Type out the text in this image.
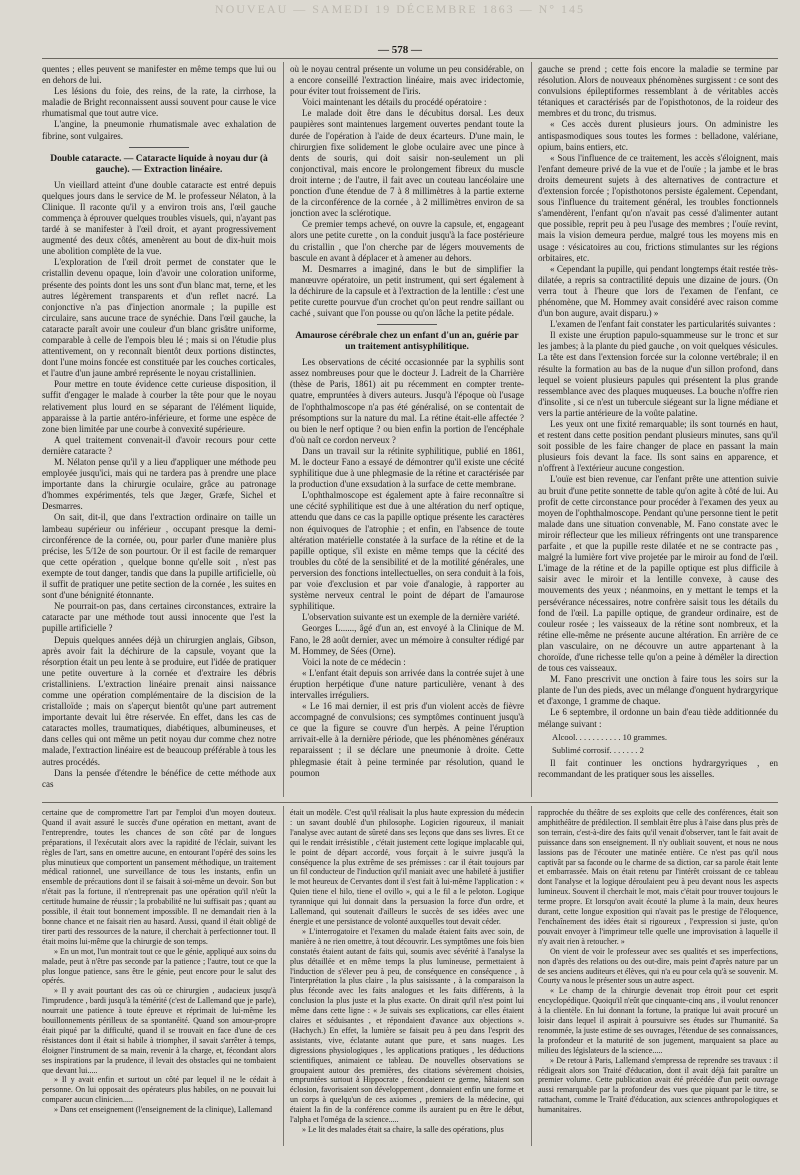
NOUVEAU — SAMEDI 19 DÉCEMBRE 1863 — N° 145
— 578 —

quentes ; elles peuvent se manifester en même temps que lui ou en dehors de lui.

Les lésions du foie, des reins, de la rate, la cirrhose, la maladie de Bright reconnaissent aussi souvent pour cause le vice rhumatismal que tout autre vice.

L'angine, la pneumonie rhumatismale avec exhalation de fibrine, sont vulgaires.

Double cataracte. — Cataracte liquide à noyau dur (à gauche). — Extraction linéaire.

Un vieillard atteint d'une double cataracte est entré depuis quelques jours dans le service de M. le professeur Nélaton, à la Clinique. Il raconte qu'il y a environ trois ans, l'œil gauche commença à éprouver quelques troubles visuels, qui, n'ayant pas tardé à se manifester à l'œil droit, et ayant progressivement augmenté des deux côtés, amenèrent au bout de dix-huit mois une abolition complète de la vue.

L'exploration de l'œil droit permet de constater que le cristallin devenu opaque, loin d'avoir une coloration uniforme, présente des points dont les uns sont d'un blanc mat, terne, et les autres légèrement transparents et d'un reflet nacré. La conjonctive n'a pas d'injection anormale ; la pupille est circulaire, sans aucune trace de synéchie. Dans l'œil gauche, la cataracte paraît avoir une couleur d'un blanc grisâtre uniforme, comparable à celle de l'empois bleu lé ; mais si on l'étudie plus attentivement, on y reconnaît bientôt deux portions distinctes, dont l'une moins foncée est constituée par les couches corticales, et l'autre d'un jaune ambré représente le noyau cristallinien.

Pour mettre en toute évidence cette curieuse disposition, il suffit d'engager le malade à courber la tête pour que le noyau relativement plus lourd en se séparant de l'élément liquide, apparaisse à la partie antéro-inférieure, et forme une espèce de zone bien limitée par une courbe à convexité supérieure.

A quel traitement convenait-il d'avoir recours pour cette dernière cataracte ?

M. Nélaton pense qu'il y a lieu d'appliquer une méthode peu employée jusqu'ici, mais qui ne tardera pas à prendre une place importante dans la chirurgie oculaire, grâce au patronage d'hommes expérimentés, tels que Jæger, Græfe, Sichel et Desmarres.

On sait, dit-il, que dans l'extraction ordinaire on taille un lambeau supérieur ou inférieur , occupant presque la demi-circonférence de la cornée, ou, pour parler d'une manière plus précise, les 5/12e de son pourtour. Or il est facile de remarquer que cette opération , quelque bonne qu'elle soit , n'est pas exempte de tout danger, tandis que dans la pupille artificielle, où il suffit de pratiquer une petite section de la cornée , les suites en sont d'une bénignité étonnante.

Ne pourrait-on pas, dans certaines circonstances, extraire la cataracte par une méthode tout aussi innocente que l'est la pupille artificielle ?

Depuis quelques années déjà un chirurgien anglais, Gibson, après avoir fait la déchirure de la capsule, voyant que la résorption était un peu lente à se produire, eut l'idée de pratiquer une petite ouverture à la cornée et d'extraire les débris cristalliniens. L'extraction linéaire prenait ainsi naissance comme une opération complémentaire de la discision de la cristalloïde ; mais on s'aperçut bientôt qu'une part autrement importante devait lui être réservée. En effet, dans les cas de cataractes molles, traumatiques, diabétiques, albumineuses, et dans celles qui ont même un petit noyau dur comme chez notre malade, l'extraction linéaire est de beaucoup préférable à tous les autres procédés.

Dans la pensée d'étendre le bénéfice de cette méthode aux cas

où le noyau central présente un volume un peu considérable, on a encore conseillé l'extraction linéaire, mais avec iridectomie, pour éviter tout froissement de l'iris.

Voici maintenant les détails du procédé opératoire :

Le malade doit être dans le décubitus dorsal. Les deux paupières sont maintenues largement ouvertes pendant toute la durée de l'opération à l'aide de deux écarteurs. D'une main, le chirurgien fixe solidement le globe oculaire avec une pince à dents de souris, qui doit saisir non-seulement un pli conjonctival, mais encore le prolongement fibreux du muscle droit interne ; de l'autre, il fait avec un couteau lancéolaire une ponction d'une étendue de 7 à 8 millimètres à la partie externe de la circonférence de la cornée , à 2 millimètres environ de sa jonction avec la sclérotique.

Ce premier temps achevé, on ouvre la capsule, et, engageant alors une petite curette , on la conduit jusqu'à la face postérieure du cristallin , que l'on cherche par de légers mouvements de bascule en avant à déplacer et à amener au dehors.

M. Desmarres a imaginé, dans le but de simplifier la manœuvre opératoire, un petit instrument, qui sert également à la déchirure de la capsule et à l'extraction de la lentille : c'est une petite curette pourvue d'un crochet qu'on peut rendre saillant ou caché , suivant que l'on pousse ou qu'on lâche la petite pédale.

Amaurose cérébrale chez un enfant d'un an, guérie par un traitement antisyphilitique.

Les observations de cécité occasionnée par la syphilis sont assez nombreuses pour que le docteur J. Ladreit de la Charrière (thèse de Paris, 1861) ait pu récemment en compter trente-quatre, empruntées à divers auteurs. Jusqu'à l'époque où l'usage de l'ophthalmoscope n'a pas été généralisé, on se contentait de présomptions sur la nature du mal. La rétine était-elle affectée ? ou bien le nerf optique ? ou bien enfin la portion de l'encéphale d'où naît ce cordon nerveux ?

Dans un travail sur la rétinite syphilitique, publié en 1861, M. le docteur Fano a essayé de démontrer qu'il existe une cécité syphilitique due à une phlegmasie de la rétine et caractérisée par la production d'une exsudation à la surface de cette membrane.

L'ophthalmoscope est également apte à faire reconnaître si une cécité syphilitique est due à une altération du nerf optique, attendu que dans ce cas la papille optique présente les caractères non équivoques de l'atrophie ; et enfin, en l'absence de toute altération matérielle constatée à la surface de la rétine et de la papille optique, s'il existe en même temps que la cécité des troubles du côté de la sensibilité et de la motilité générales, une perversion des fonctions intellectuelles, on sera conduit à la fois, par voie d'exclusion et par voie d'analogie, à rapporter au système nerveux central le point de départ de l'amaurose syphilitique.

L'observation suivante est un exemple de la dernière variété.

Georges L......, âgé d'un an, est envoyé à la Clinique de M. Fano, le 28 août dernier, avec un mémoire à consulter rédigé par M. Hommey, de Sées (Orne).

Voici la note de ce médecin :

« L'enfant était depuis son arrivée dans la contrée sujet à une éruption herpétique d'une nature particulière, venant à des intervalles irréguliers.

« Le 16 mai dernier, il est pris d'un violent accès de fièvre accompagné de convulsions; ces symptômes continuent jusqu'à ce que la figure se couvre d'un herpès. A peine l'éruption arrivait-elle à la dernière période, que les phénomènes généraux reparaissent ; il se déclare une pneumonie à droite. Cette phlegmasie était à peine terminée par résolution, quand le poumon

gauche se prend ; cette fois encore la maladie se termine par résolution. Alors de nouveaux phénomènes surgissent : ce sont des convulsions épileptiformes ressemblant à de véritables accès tétaniques et caractérisés par de l'opisthotonos, de la roideur des membres et du tronc, du trismus.

« Ces accès durent plusieurs jours. On administre les antispasmodiques sous toutes les formes : belladone, valériane, opium, bains entiers, etc.

« Sous l'influence de ce traitement, les accès s'éloignent, mais l'enfant demeure privé de la vue et de l'ouïe ; la jambe et le bras droits demeurent sujets à des alternatives de contracture et d'extension forcée ; l'opisthotonos persiste également. Cependant, sous l'influence du traitement général, les troubles fonctionnels s'amendèrent, l'enfant qu'on n'avait pas cessé d'alimenter autant que possible, reprit peu à peu l'usage des membres ; l'ouïe revint, mais la vision demeura perdue, malgré tous les moyens mis en usage : vésicatoires au cou, frictions stimulantes sur les régions orbitaires, etc.

« Cependant la pupille, qui pendant longtemps était restée très-dilatée, a repris sa contractilité depuis une dizaine de jours. (On verra tout à l'heure que lors de l'examen de l'enfant, ce phénomène, que M. Hommey avait considéré avec raison comme d'un bon augure, avait disparu.) »

L'examen de l'enfant fait constater les particularités suivantes :

Il existe une éruption papulo-squammeuse sur le tronc et sur les jambes; à la plante du pied gauche , on voit quelques vésicules. La tête est dans l'extension forcée sur la colonne vertébrale; il en résulte la formation au bas de la nuque d'un sillon profond, dans lequel se voient plusieurs papules qui présentent la plus grande ressemblance avec des plaques muqueuses. La bouche n'offre rien d'insolite , si ce n'est un tubercule siégeant sur la ligne médiane et vers la partie antérieure de la voûte palatine.

Les yeux ont une fixité remarquable; ils sont tournés en haut, et restent dans cette position pendant plusieurs minutes, sans qu'il soit possible de les faire changer de place en passant la main plusieurs fois devant la face. Ils sont sains en apparence, et n'offrent à l'extérieur aucune congestion.

L'ouïe est bien revenue, car l'enfant prête une attention suivie au bruit d'une petite sonnette de table qu'on agite à côté de lui. Au profit de cette circonstance pour procéder à l'examen des yeux au moyen de l'ophthalmoscope. Pendant qu'une personne tient le petit malade dans une situation convenable, M. Fano constate avec le miroir réflecteur que les milieux réfringents ont une transparence parfaite , et que la pupille reste dilatée et ne se contracte pas , malgré la lumière fort vive projetée par le miroir au fond de l'œil. L'image de la rétine et de la papille optique est plus difficile à saisir avec le miroir et la lentille convexe, à cause des mouvements des yeux ; néanmoins, en y mettant le temps et la persévérance nécessaires, notre confrère saisit tous les détails du fond de l'œil. La papille optique, de grandeur ordinaire, est de couleur rosée ; les vaisseaux de la rétine sont nombreux, et la rétine elle-même ne présente aucune altération. En arrière de ce plan vasculaire, on ne découvre un autre appartenant à la choroïde, d'une richesse telle qu'on a peine à démêler la direction de tous ces vaisseaux.

M. Fano prescrivit une onction à faire tous les soirs sur la plante de l'un des pieds, avec un mélange d'onguent hydrargyrique et d'axonge, 1 gramme de chaque.

Le 6 septembre, il ordonne un bain d'eau tiède additionnée du mélange suivant :

Alcool. . . . . . . . . . . 10 grammes.
Sublimé corrosif. . . . . . . 2

Il fait continuer les onctions hydrargyriques , en recommandant de les pratiquer sous les aisselles.

certaine que de compromettre l'art par l'emploi d'un moyen douteux. Quand il avait assuré le succès d'une opération en mettant, avant de l'entreprendre, toutes les chances de son côté par de longues préparations, il l'exécutait alors avec la rapidité de l'éclair, suivant les règles de l'art, sans en omettre aucune, en entourant l'opéré des soins les plus minutieux que comportent un pansement méthodique, un traitement médical rationnel, une surveillance de tous les instants, enfin un ensemble de précautions dont il se faisait à soi-même un devoir. Son but n'était pas la fortune, il n'entreprenait pas une opération qu'il n'eût la certitude humaine de réussir ; la probabilité ne lui suffisait pas ; quant au possible, il était tout bonnement impossible. Il ne demandait rien à la bonne chance et ne faisait rien au hasard. Aussi, quand il était obligé de tirer parti des ressources de la nature, il cherchait à perfectionner tout. Il était moins lui-même que la chirurgie de son temps.

» En un mot, l'un montrait tout ce que le génie, appliqué aux soins du malade, peut à n'être pas seconde par la patience ; l'autre, tout ce que la plus longue patience, sans être le génie, peut encore pour le salut des opérés.

» Il y avait pourtant des cas où ce chirurgien , audacieux jusqu'à l'imprudence , bardi jusqu'à la témérité (c'est de Lallemand que je parle), nourrait une patience à toute épreuve et réprimait de lui-même les bouillonnements périlleux de sa spontanéité. Quand son amour-propre était piqué par la difficulté, quand il se trouvait en face d'une de ces résistances dont il était si habile à triompher, il savait s'arrêter à temps, éloigner l'instrument de sa main, revenir à la charge, et, fécondant alors ses inspirations par la prudence, il levait des obstacles qui ne tombaient que devant lui.....

» Il y avait enfin et surtout un côté par lequel il ne le cédait à personne. On lui opposait des opérateurs plus habiles, on ne pouvait lui comparer aucun clinicien.....

» Dans cet enseignement (l'enseignement de la clinique), Lallemand

était un modèle. C'est qu'il réalisait la plus haute expression du médecin : un savant doublé d'un philosophe. Logicien rigoureux, il maniait l'analyse avec autant de sûreté dans ses leçons que dans ses livres. Et ce qui le rendait irrésistible , c'était justement cette logique implacable qui, le point de départ accordé, vous forçait à le suivre jusqu'à la conséquence la plus extrême de ses prémisses : car il était toujours par un fil conducteur de l'induction qu'il maniait avec une habileté à justifier le mot heureux de Cervantes dont il s'est fait à lui-même l'application : « Quien tiene el hilo, tiene el ovillo », qui a le fil a le peloton. Logique tyrannique qui lui donnait dans la persuasion la force d'un ordre, et Lallemand, qui soutenait d'ailleurs le succès de ses idées avec une énergie et une persistance de volonté auxquelles tout devait céder.

» L'interrogatoire et l'examen du malade étaient faits avec soin, de manière à ne rien omettre, à tout découvrir. Les symptômes une fois bien constatés étaient autant de faits qui, soumis avec sévérité à l'analyse la plus détaillée et en même temps la plus lumineuse, permettaient à l'induction de s'élever peu à peu, de conséquence en conséquence , à l'interprétation la plus claire , la plus saisissante , à la comparaison la plus féconde avec les faits analogues et les faits différents, à la conclusion la plus juste et la plus exacte. On dirait qu'il n'est point lui même dans cette ligne : « Je suivais ses explications, car elles étaient claires et séduisantes , et répondaient d'avance aux objections ». (Hachych.) En effet, la lumière se faisait peu à peu dans l'esprit des assistants, vive, éclatante autant que pure, et sans nuages. Les digressions physiologiques , les applications pratiques , les déductions scientifiques, animaient ce tableau. De nouvelles observations se groupaient autour des premières, des citations sévèrement choisies, empruntées surtout à Hippocrate , fécondaient ce germe, hâtaient son éclosion, favorisaient son développement , donnaient enfin une forme et un corps à quelqu'un de ces axiomes , premiers de la médecine, qui étaient la fin de la conférence comme ils auraient pu en être le début, l'alpha et l'oméga de la science.....

» Le lit des malades était sa chaire, la salle des opérations, plus

rapprochée du théâtre de ses exploits que celle des conférences, était son amphithéâtre de prédilection. Il semblait être plus à l'aise dans plus près de son terrain, c'est-à-dire des faits qu'il venait d'observer, tant le fait avait de puissance dans son enseignement. Il n'y oubliait souvent, et nous ne nous lassions pas de l'écouter une matinée entière. Ce n'est pas qu'il nous captivât par sa faconde ou le charme de sa diction, car sa parole était lente et embarrassée. Mais on était retenu par l'intérêt croissant de ce tableau dont l'analyse et la logique déroulaient peu à peu devant nous les aspects lumineux. Souvent il cherchait le mot, mais c'était pour trouver toujours le terme propre. Et lorsqu'on avait écouté la plume à la main, deux heures durant, cette longue exposition qui n'avait pas le prestige de l'éloquence, l'enchaînement des idées était si rigoureux , l'expression si juste, qu'on pouvait envoyer à l'imprimeur telle quelle une improvisation à laquelle il n'y avait rien à retoucher. »

On vient de voir le professeur avec ses qualités et ses imperfections, non d'après des relations ou des out-dire, mais peint d'après nature par un de ses anciens auditeurs et élèves, qui n'a eu pour cela qu'à se souvenir. M. Courty va nous le présenter sous un autre aspect.

« Le champ de la chirurgie devenait trop étroit pour cet esprit encyclopédique. Quoiqu'il n'eût que cinquante-cinq ans , il voulut renoncer à la clientèle. En lui donnant la fortune, la pratique lui avait procuré un loisir dans lequel il aspirait à poursuivre ses études sur l'humanité. Sa renommée, la juste estime de ses ouvrages, l'étendue de ses connaissances, la profondeur et la maturité de son jugement, marquaient sa place au milieu des législateurs de la science.....

» De retour à Paris, Lallemand s'empressa de reprendre ses travaux : il rédigeait alors son Traité d'éducation, dont il avait déjà fait paraître un premier volume. Cette publication avait été précédée d'un petit ouvrage aussi remarquable par la profondeur des vues que piquant par le titre, se rattachant, comme le Traité d'éducation, aux sciences anthropologiques et humanitaires.
